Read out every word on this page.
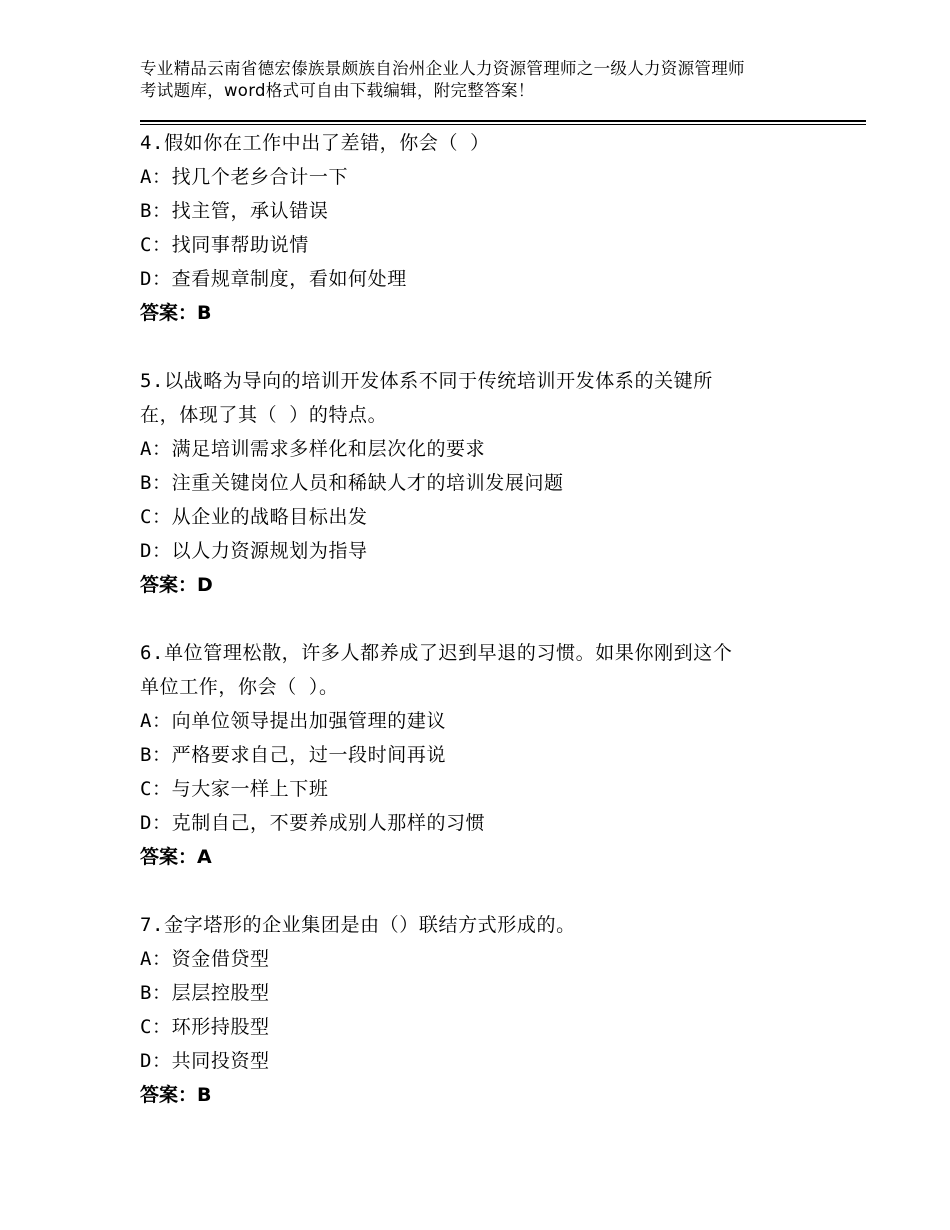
专业精品云南省德宏傣族景颇族自治州企业人力资源管理师之一级人力资源管理师
考试题库，word格式可自由下载编辑，附完整答案！
4.假如你在工作中出了差错，你会（ ）
A：找几个老乡合计一下
B：找主管，承认错误
C：找同事帮助说情
D：查看规章制度，看如何处理
答案：B
5.以战略为导向的培训开发体系不同于传统培训开发体系的关键所
在，体现了其（ ）的特点。
A：满足培训需求多样化和层次化的要求
B：注重关键岗位人员和稀缺人才的培训发展问题
C：从企业的战略目标出发
D：以人力资源规划为指导
答案：D
6.单位管理松散，许多人都养成了迟到早退的习惯。如果你刚到这个
单位工作，你会（ ）。
A：向单位领导提出加强管理的建议
B：严格要求自己，过一段时间再说
C：与大家一样上下班
D：克制自己，不要养成别人那样的习惯
答案：A
7.金字塔形的企业集团是由（）联结方式形成的。
A：资金借贷型
B：层层控股型
C：环形持股型
D：共同投资型
答案：B
